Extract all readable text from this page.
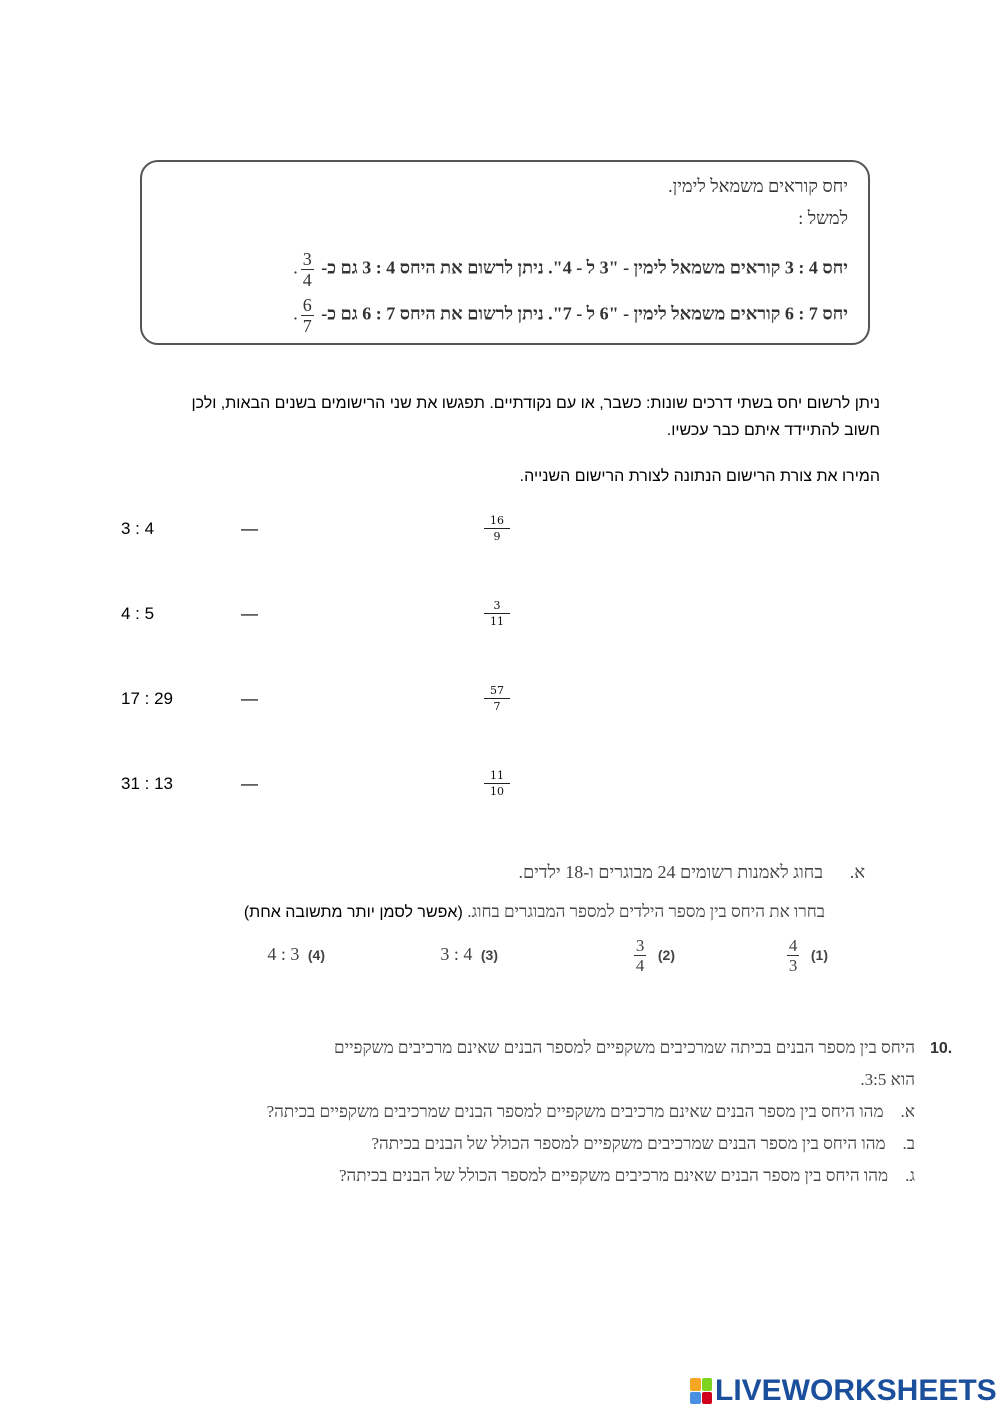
יחס קוראים משמאל לימין.
למשל :
יחס 4 : 3 קוראים משמאל לימין - "3 ל - 4". ניתן לרשום את היחס 4 : 3 גם כ-
$\frac{3}{4}$
.
יחס 7 : 6 קוראים משמאל לימין - "6 ל - 7". ניתן לרשום את היחס 7 : 6 גם כ-
$\frac{6}{7}$
.
ניתן לרשום יחס בשתי דרכים שונות: כשבר, או עם נקודתיים. תפגשו את שני הרישומים בשנים הבאות, ולכן
חשוב להתיידד איתם כבר עכשיו.
המירו את צורת הרישום הנתונה לצורת הרישום השנייה.
3 : 4	—	$\frac{16}{9}$
4 : 5	—	$\frac{3}{11}$
17 : 29	—	$\frac{57}{7}$
31 : 13	—	$\frac{11}{10}$
א.
בחוג לאמנות רשומים 24 מבוגרים ו-18 ילדים.
בחרו את היחס בין מספר הילדים למספר המבוגרים בחוג. (אפשר לסמן יותר מתשובה אחת)
(1)
$\frac{4}{3}$
(2)
$\frac{3}{4}$
(3) 3 : 4
(4) 4 : 3
10.
היחס בין מספר הבנים בכיתה שמרכיבים משקפיים למספר הבנים שאינם מרכיבים משקפיים
הוא 3:5.
א.    מהו היחס בין מספר הבנים שאינם מרכיבים משקפיים למספר הבנים שמרכיבים משקפיים בכיתה?
ב.    מהו היחס בין מספר הבנים שמרכיבים משקפיים למספר הכולל של הבנים בכיתה?
ג.    מהו היחס בין מספר הבנים שאינם מרכיבים משקפיים למספר הכולל של הבנים בכיתה?
LIVEWORKSHEETS
